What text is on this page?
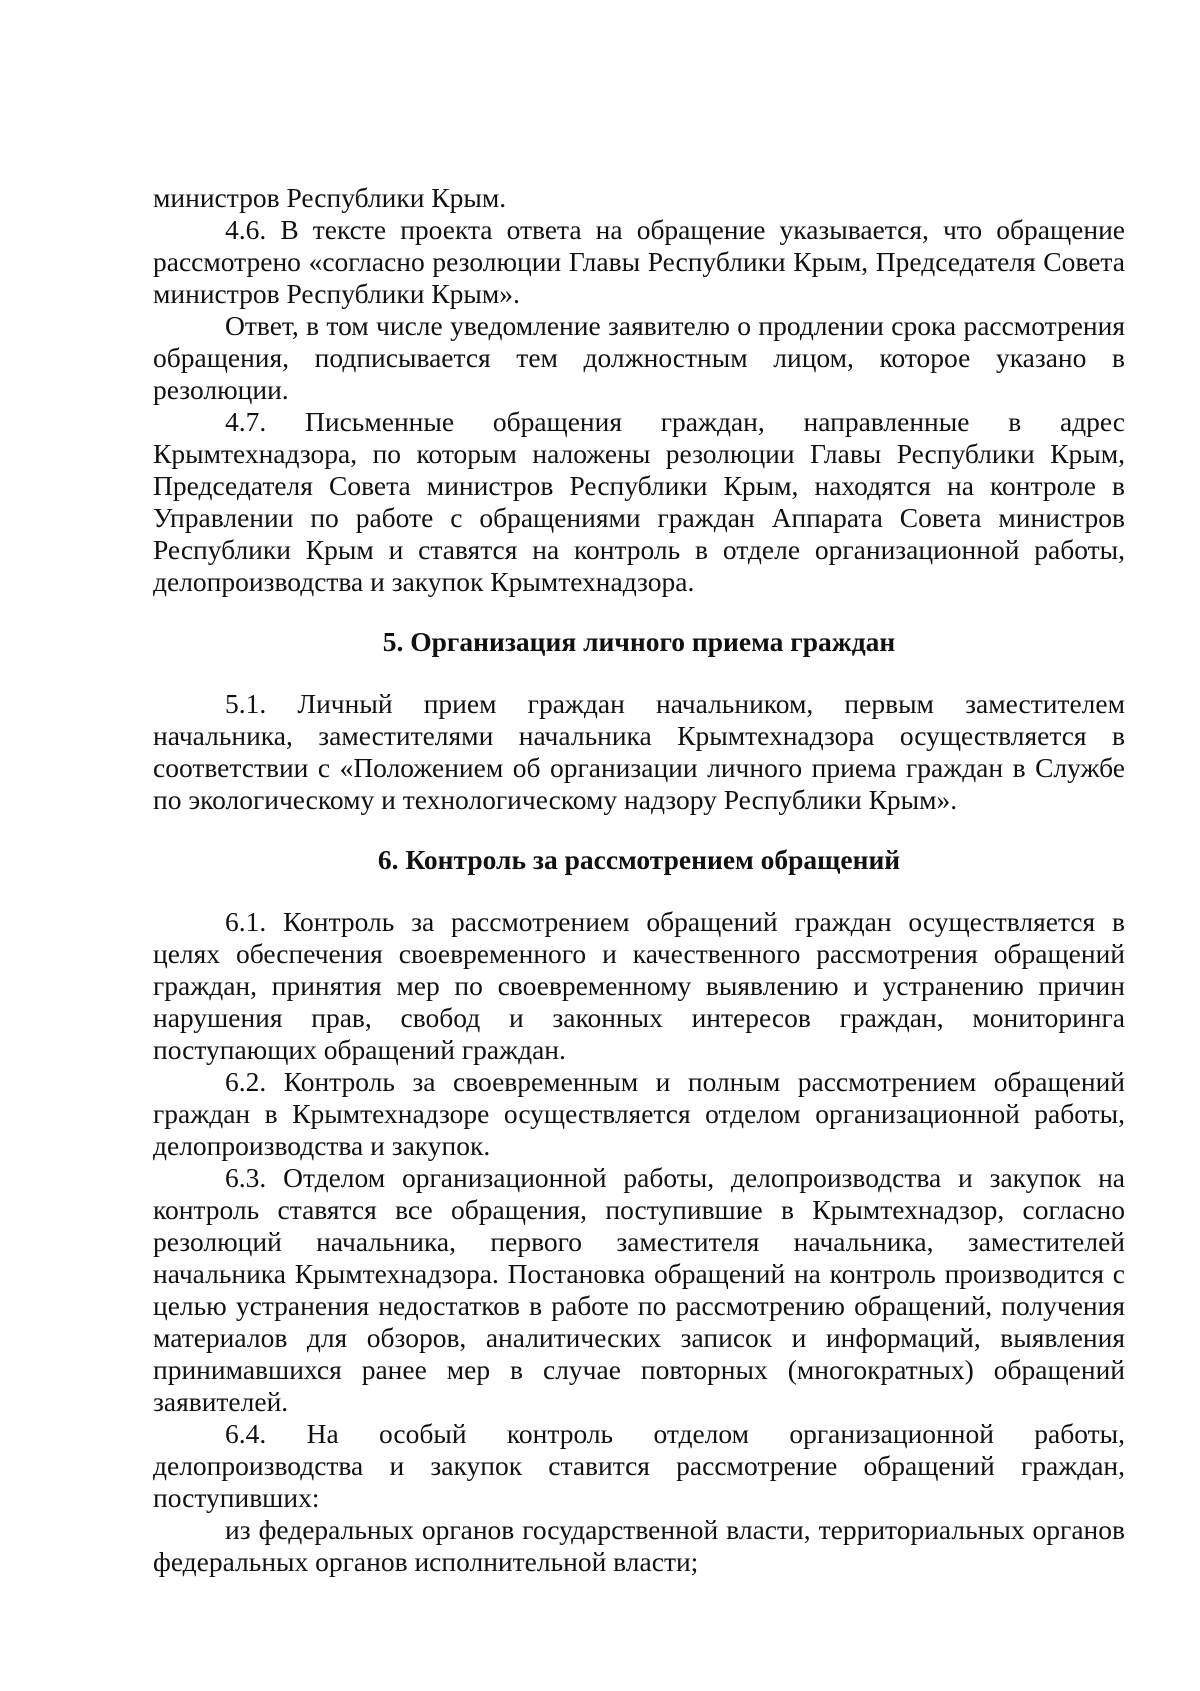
министров Республики Крым.

4.6. В тексте проекта ответа на обращение указывается, что обращение рассмотрено «согласно резолюции Главы Республики Крым, Председателя Совета министров Республики Крым».

Ответ, в том числе уведомление заявителю о продлении срока рассмотрения обращения, подписывается тем должностным лицом, которое указано в резолюции.

4.7. Письменные обращения граждан, направленные в адрес Крымтехнадзора, по которым наложены резолюции Главы Республики Крым, Председателя Совета министров Республики Крым, находятся на контроле в Управлении по работе с обращениями граждан Аппарата Совета министров Республики Крым и ставятся на контроль в отделе организационной работы, делопроизводства и закупок Крымтехнадзора.

5. Организация личного приема граждан

5.1. Личный прием граждан начальником, первым заместителем начальника, заместителями начальника Крымтехнадзора осуществляется в соответствии с «Положением об организации личного приема граждан в Службе по экологическому и технологическому надзору Республики Крым».

6. Контроль за рассмотрением обращений

6.1. Контроль за рассмотрением обращений граждан осуществляется в целях обеспечения своевременного и качественного рассмотрения обращений граждан, принятия мер по своевременному выявлению и устранению причин нарушения прав, свобод и законных интересов граждан, мониторинга поступающих обращений граждан.

6.2. Контроль за своевременным и полным рассмотрением обращений граждан в Крымтехнадзоре осуществляется отделом организационной работы, делопроизводства и закупок.

6.3. Отделом организационной работы, делопроизводства и закупок на контроль ставятся все обращения, поступившие в Крымтехнадзор, согласно резолюций начальника, первого заместителя начальника, заместителей начальника Крымтехнадзора. Постановка обращений на контроль производится с целью устранения недостатков в работе по рассмотрению обращений, получения материалов для обзоров, аналитических записок и информаций, выявления принимавшихся ранее мер в случае повторных (многократных) обращений заявителей.

6.4. На особый контроль отделом организационной работы, делопроизводства и закупок ставится рассмотрение обращений граждан, поступивших:

из федеральных органов государственной власти, территориальных органов федеральных органов исполнительной власти;
